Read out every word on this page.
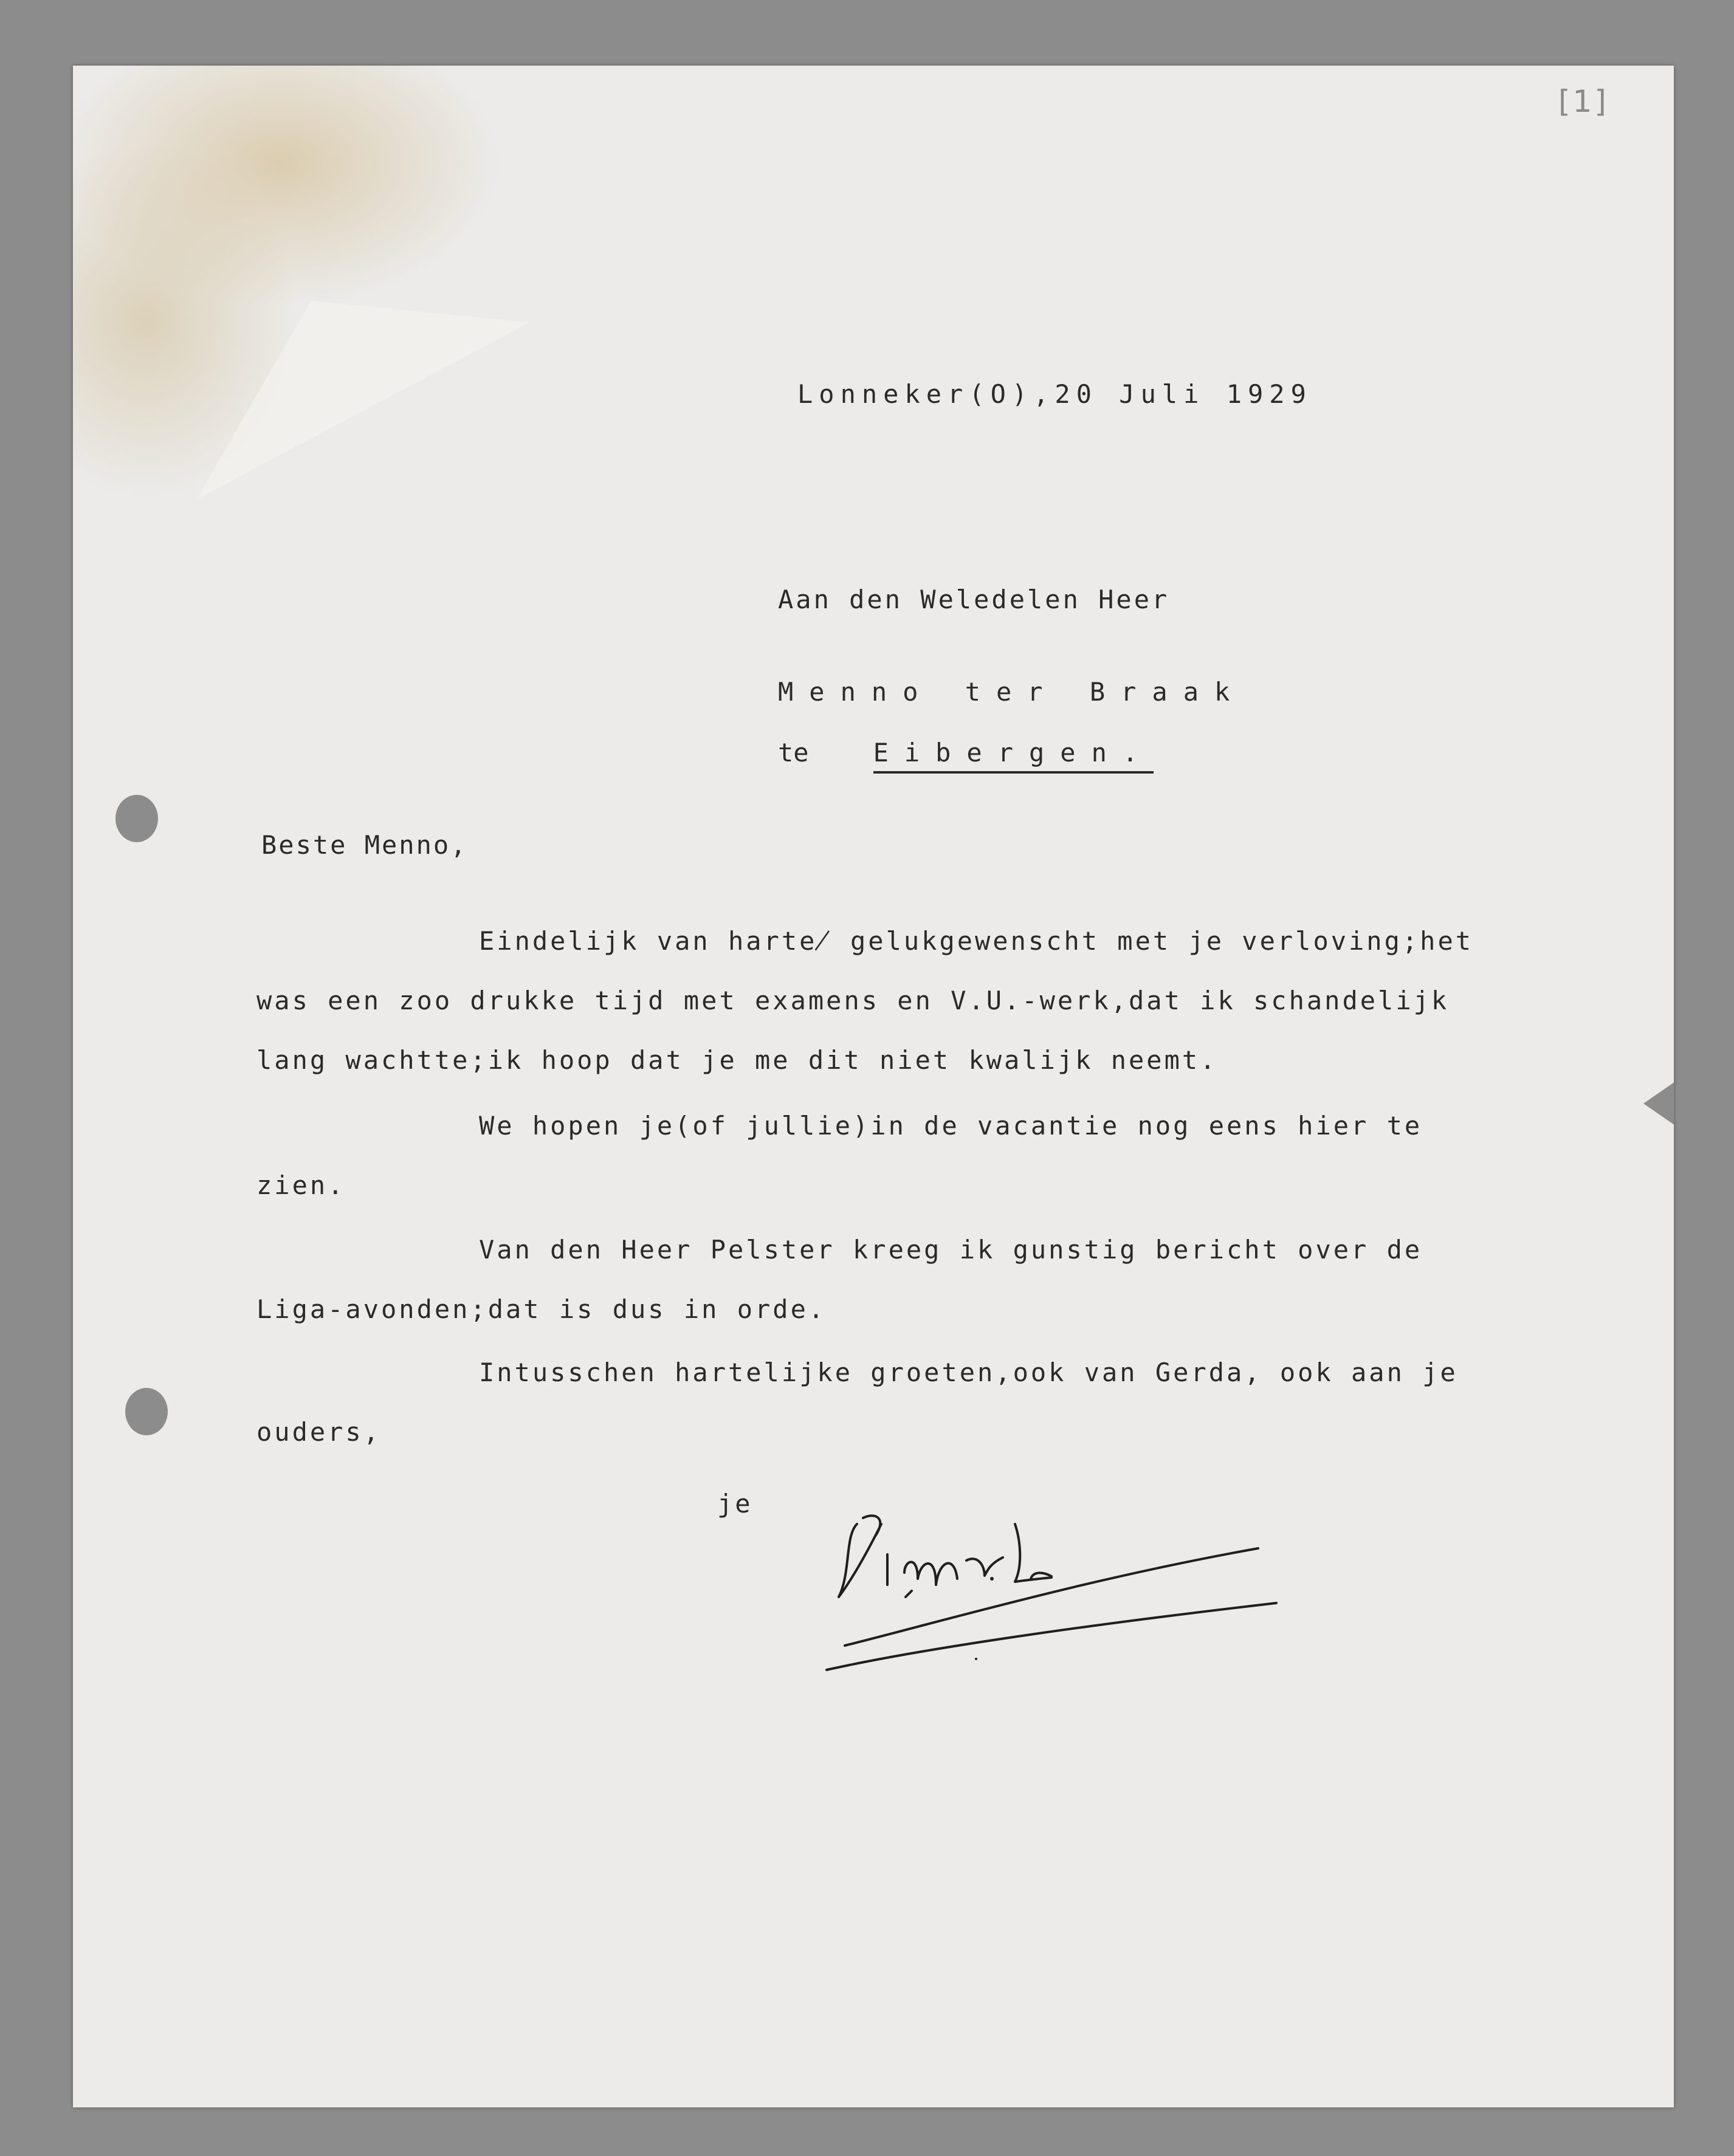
[1]
Lonneker(O),20 Juli 1929
Aan den Weledelen Heer
Menno ter Braak
te	Eibergen.
Beste Menno,
Eindelijk van harte̸ gelukgewenscht met je verloving;het
was een zoo drukke tijd met examens en V.U.-werk,dat ik schandelijk
lang wachtte;ik hoop dat je me dit niet kwalijk neemt.
We hopen je(of jullie)in de vacantie nog eens hier te
zien.
Van den Heer Pelster kreeg ik gunstig bericht over de
Liga-avonden;dat is dus in orde.
Intusschen hartelijke groeten,ook van Gerda, ook aan je
ouders,
je
